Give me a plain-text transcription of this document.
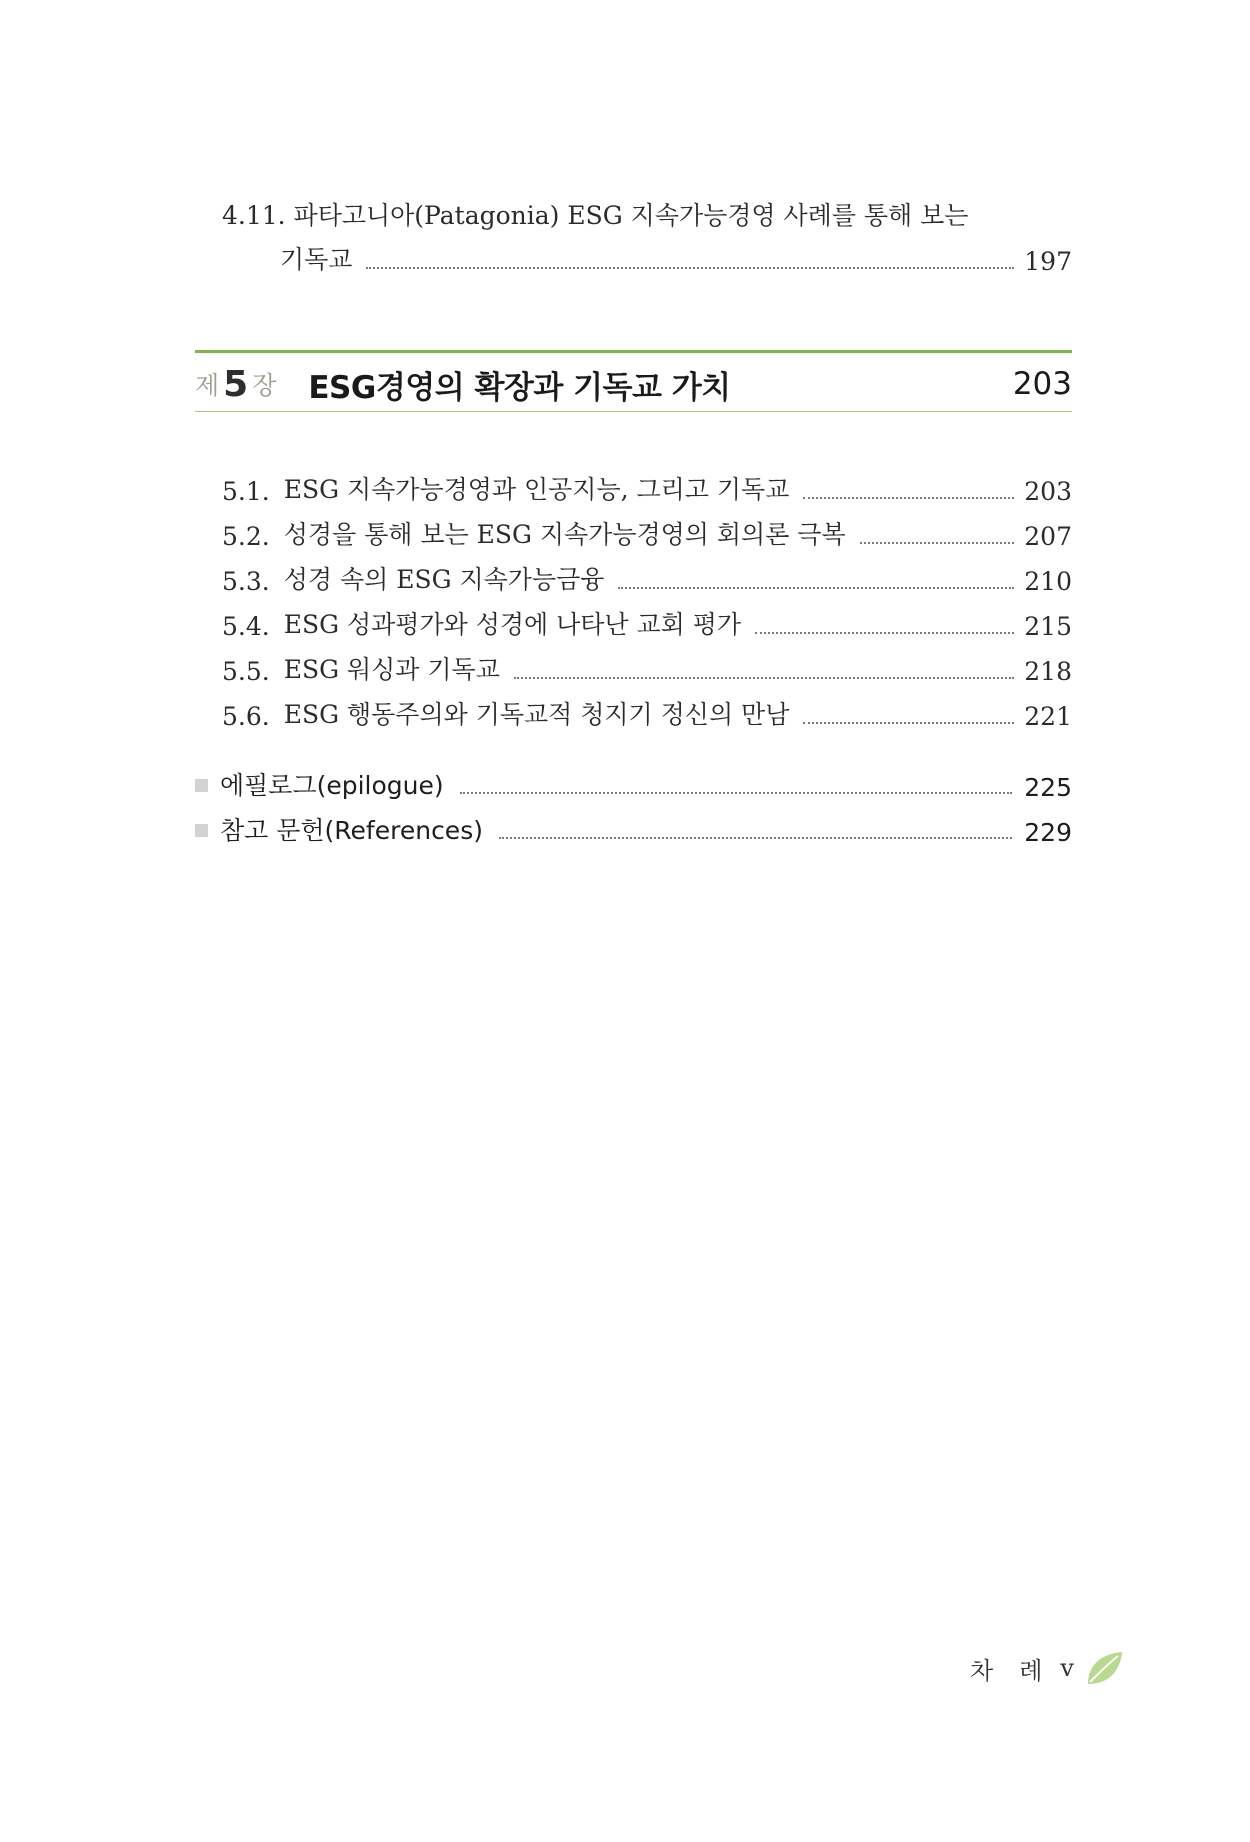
4.11. 파타고니아(Patagonia) ESG 지속가능경영 사례를 통해 보는
기독교	197
제 5 장 ESG경영의 확장과 기독교 가치	203
5.1. ESG 지속가능경영과 인공지능, 그리고 기독교	203
5.2. 성경을 통해 보는 ESG 지속가능경영의 회의론 극복	207
5.3. 성경 속의 ESG 지속가능금융	210
5.4. ESG 성과평가와 성경에 나타난 교회 평가	215
5.5. ESG 워싱과 기독교	218
5.6. ESG 행동주의와 기독교적 청지기 정신의 만남	221
에필로그(epilogue)	225
참고 문헌(References)	229
차 례 v
